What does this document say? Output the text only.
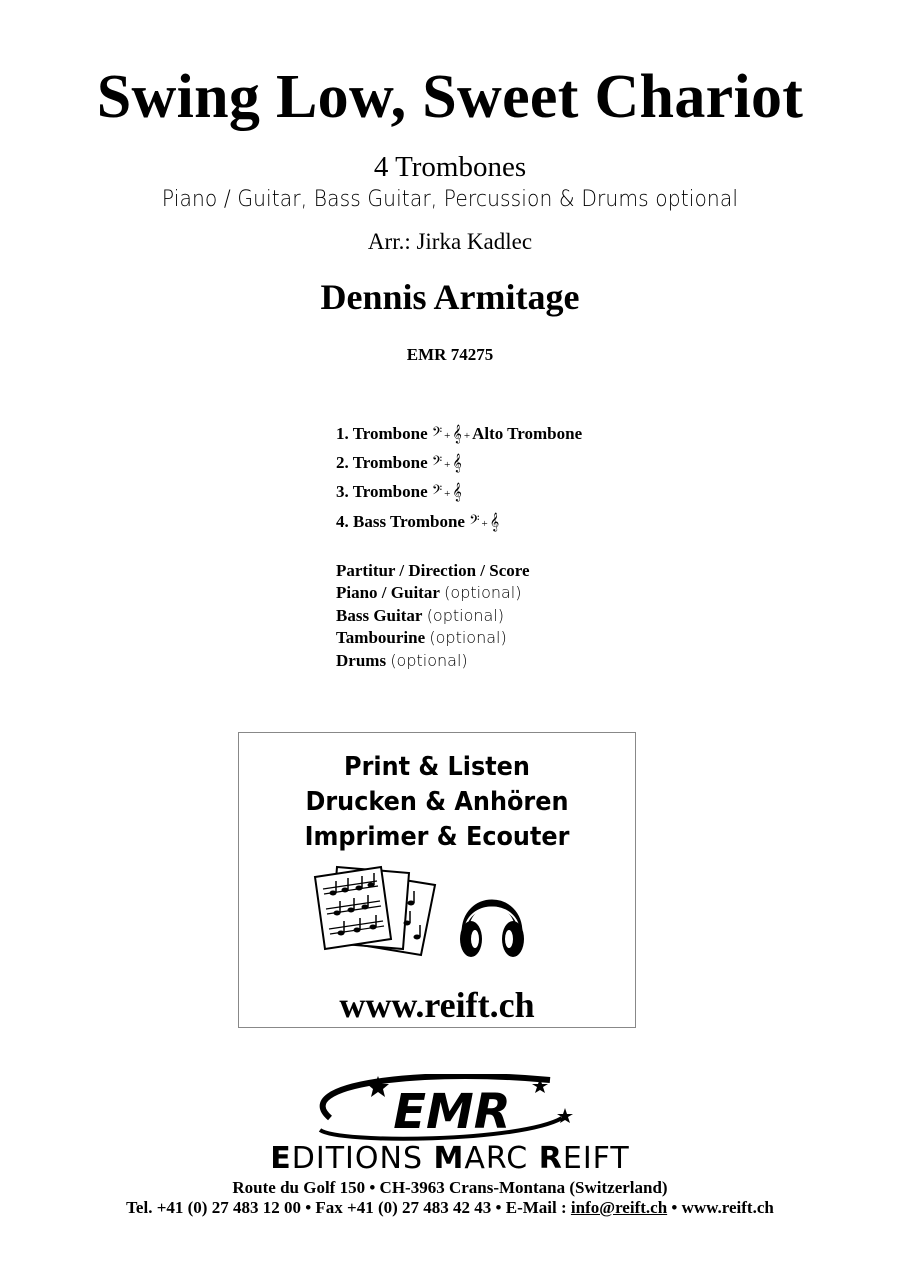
Swing Low, Sweet Chariot
4 Trombones
Piano / Guitar, Bass Guitar, Percussion & Drums optional
Arr.: Jirka Kadlec
Dennis Armitage
EMR 74275
1. Trombone 𝄢 + 𝄞 + Alto Trombone
2. Trombone 𝄢 + 𝄞
3. Trombone 𝄢 + 𝄞
4. Bass Trombone 𝄢 + 𝄞
Partitur / Direction / Score
Piano / Guitar (optional)
Bass Guitar (optional)
Tambourine (optional)
Drums (optional)
Print & Listen
Drucken & Anhören
Imprimer & Ecouter
www.reift.ch
EMR
EDITIONS MARC REIFT
Route du Golf 150 • CH-3963 Crans-Montana (Switzerland)
Tel. +41 (0) 27 483 12 00 • Fax +41 (0) 27 483 42 43 • E-Mail : info@reift.ch • www.reift.ch
